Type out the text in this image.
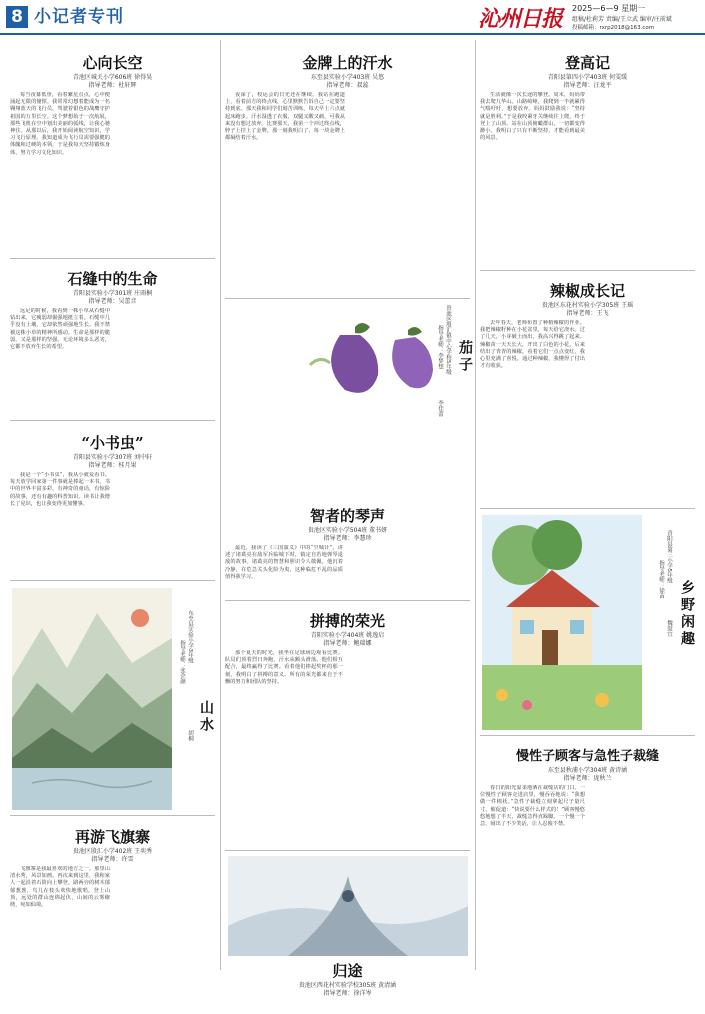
8 小记者专刊	沁州日报 2025—6—9 星期一
组稿/杜莉芳 责编/王立武 编审/庄前斌
投稿邮箱：rxrp2018@163.com
心向长空
青池区城关小学606班 徐得昊
指导老师：杜轩辉
每当夜幕低垂，看着繁星点点，心中便涌起无限的憧憬。我常常幻想着能成为一名翱翔蓝天的飞行员，驾驶着银色的战鹰守护祖国的万里长空。这个梦想始于一次航展，那些飞机在空中划出美丽的弧线，让我心驰神往。从那以后，我开始阅读航空知识，学习飞行原理。我知道成为飞行员需要强健的体魄和过硬的本领，于是我每天坚持锻炼身体，努力学习文化知识。
石缝中的生命
青阳县实验小学301班 庄雨桐
指导老师：吴蕾音
远足的时候，我看到一株小草从石缝中钻出来，它瘦弱却倔强地挺立着。石缝中几乎没有土壤，它却依然顽强地生长。我不禁被这株小草的精神所感动。生命是那样的脆弱，又是那样的坚强。无论环境多么恶劣，它都不放弃生长的希望。
“小书虫”
青阳县实验小学307班 刘中轩
指导老师：桂月果
我是一个“小书虫”，我从小就爱看书。每天放学回家第一件事就是捧起一本书。书中的世界丰富多彩，有神奇的童话，有惊险的故事，还有有趣的科普知识。读书让我增长了见识，也让我变得更加懂事。
山水
东至县实验小学3年级
指导老师：张企颜
胡桐
再游飞旗寨
贵池区殷汇小学402班 王奕秀
指导老师：许雪
飞旗寨是我最喜欢的地方之一。那里山清水秀，风景如画。再次来到这里，我和家人一起沿着石阶向上攀登。路两旁的树木郁郁葱葱，鸟儿在枝头欢快地歌唱。登上山顶，远处的群山连绵起伏，山间的云雾缭绕，宛如仙境。
金牌上的汗水
东至县实验小学403班 吴悠
指导老师：叔蕊
夜深了，校运会的日光还在继续。我站在跑道上，看着前方的终点线，心里默默告诉自己一定要坚持到底。那天我和同学们刻苦训练，每天早上六点就起床跑步。汗水湿透了衣服，双腿又酸又痛，可我从来没有想过放弃。比赛那天，我第一个冲过终点线，脖子上挂上了金牌。那一刻我明白了，每一块金牌上都凝结着汗水。
茄子
贵池区殷汇镇中心学校5年级
指导老师：李梦想
李佳蕾
智者的琴声
贵池区实验小学504班 董书妍
指导老师：李慧珍
最近，我读了《三国演义》中的“空城计”，讲述了诸葛亮在敌军兵临城下时，镇定自若地弹琴退敌的故事。诸葛亮的智慧和胆识令人敬佩。他沉着冷静，在危急关头化险为夷，这种临危不乱的品质值得我学习。
拼搏的荣光
青阳实验小学404班 姚逸启
指导老师：鲍瑞娜
那个夏天的时光，我坐在足球场边观看比赛。队员们顶着烈日奔跑，汗水从额头滑落。他们相互配合，最终赢得了比赛。看着他们捧起奖杯的那一刻，我明白了拼搏的意义。所有的荣光都来自于不懈的努力和团队的坚持。
归途
贵池区西花村实验学校305班 黄清涵
指导老师：徐洋岑
登高记
青阳县第四小学403班 何雯缓
指导老师：汪龙平
生活就像一次长途的攀登。周末，妈妈带我去爬九华山。山路崎岖，我爬到一半就累得气喘吁吁，想要放弃。妈妈鼓励我说：“坚持就是胜利。”于是我咬紧牙关继续往上爬，终于登上了山顶。站在山顶俯瞰群山，一切都变得渺小。我明白了只有不断坚持，才能看到最美的风景。
辣椒成长记
贵池区东花村实验小学305班 王瑶
指导老师：王飞
去年春天，老师布置了种植辣椒的作业。我把辣椒籽种在小花盆里，每天给它浇水。过了几天，小芽破土而出，我高兴得跳了起来。辣椒苗一天天长大，开出了白色的小花，后来结出了青青的辣椒。看着它们一点点变红，我心里充满了喜悦。通过种辣椒，我懂得了付出才有收获。
乡野闲趣
青阳县第三小学5年级
指导老师：徐苗
魏鼓宜
慢性子顾客与急性子裁缝
东至县秋浦小学304班 黄诗涵
指导老师：庞秋兰
春日的阳光温柔地洒在裁缝店的门口。一位慢性子顾客走进店里，慢吞吞地说：“我想做一件棉袄。”急性子裁缝立刻拿起尺子量尺寸，催促道：“快说要什么样式的！”顾客慢悠悠地想了半天，裁缝急得直跺脚。一个慢一个急，闹出了不少笑话，让人忍俊不禁。
